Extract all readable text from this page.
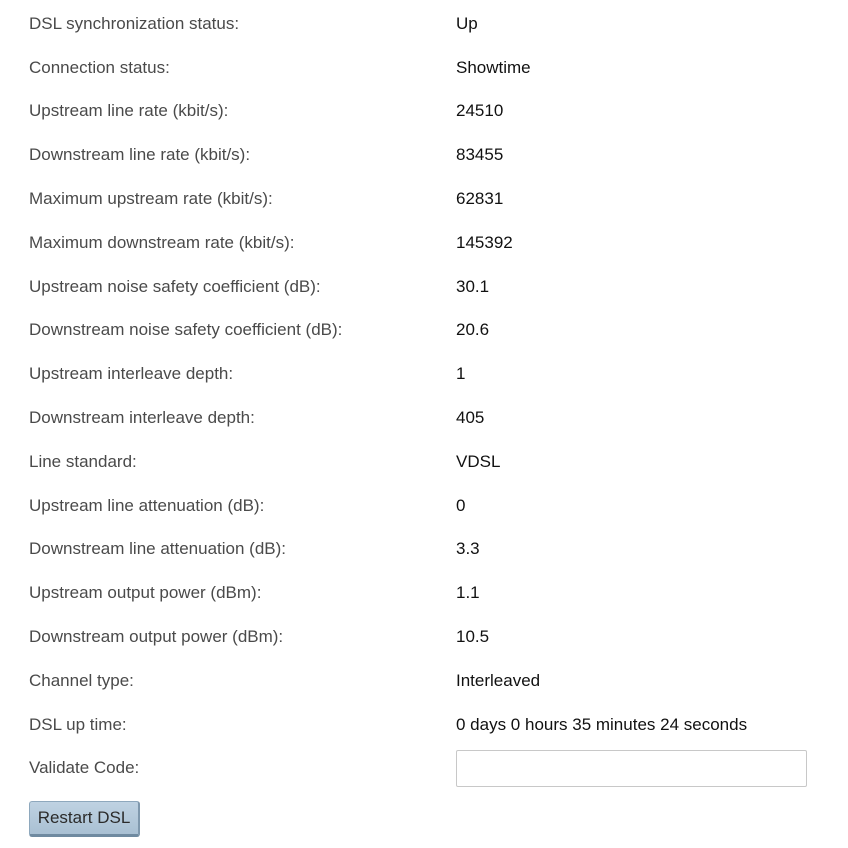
DSL synchronization status:	Up
Connection status:	Showtime
Upstream line rate (kbit/s):	24510
Downstream line rate (kbit/s):	83455
Maximum upstream rate (kbit/s):	62831
Maximum downstream rate (kbit/s):	145392
Upstream noise safety coefficient (dB):	30.1
Downstream noise safety coefficient (dB):	20.6
Upstream interleave depth:	1
Downstream interleave depth:	405
Line standard:	VDSL
Upstream line attenuation (dB):	0
Downstream line attenuation (dB):	3.3
Upstream output power (dBm):	1.1
Downstream output power (dBm):	10.5
Channel type:	Interleaved
DSL up time:	0 days 0 hours 35 minutes 24 seconds
Validate Code:
Restart DSL
